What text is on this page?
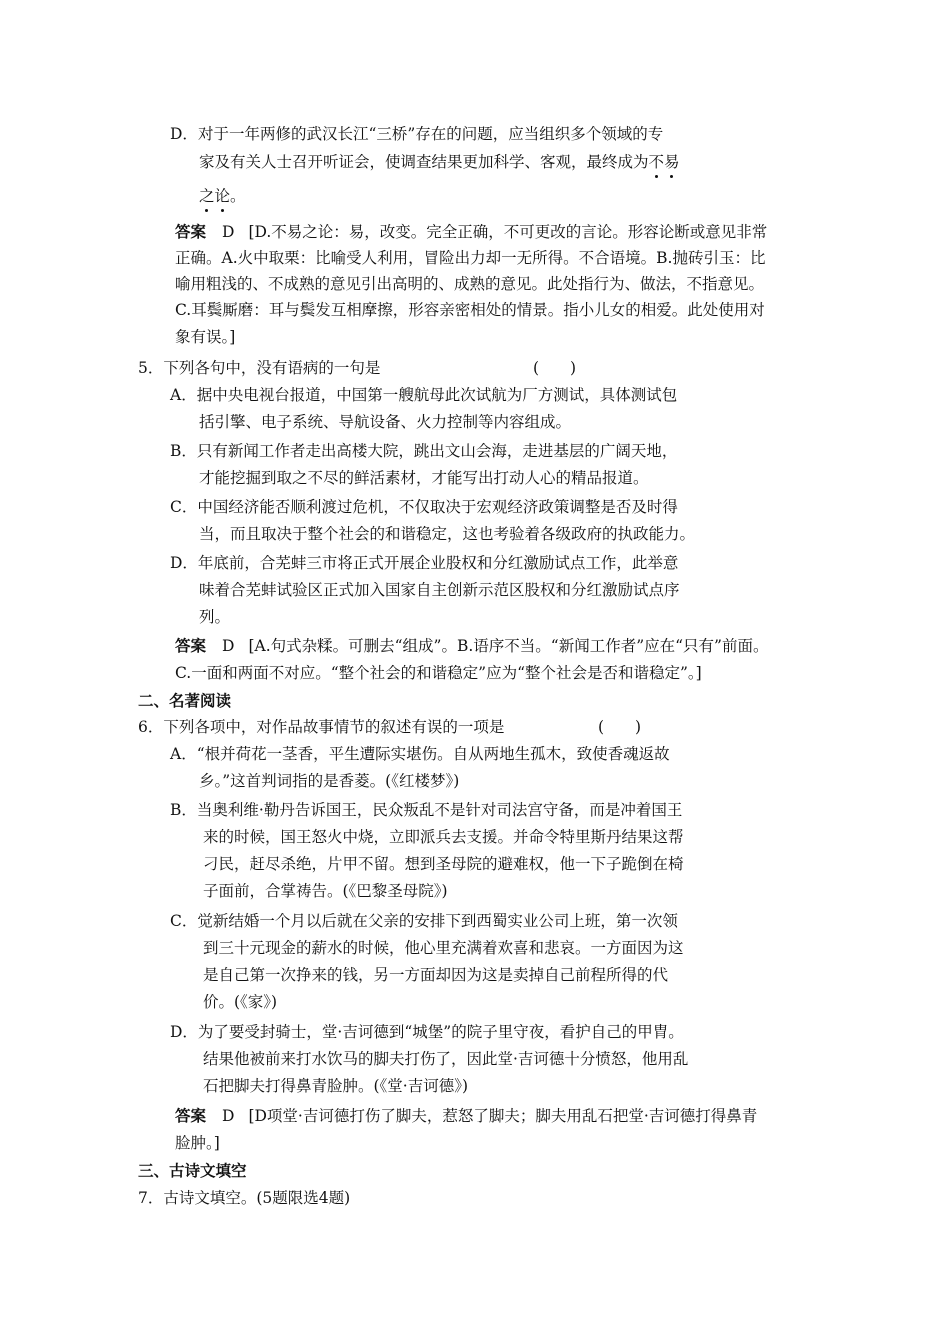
D．对于一年两修的武汉长江“三桥”存在的问题，应当组织多个领域的专
家及有关人士召开听证会，使调查结果更加科学、客观，最终成为不易
之论。
答案 D [D.不易之论：易，改变。完全正确，不可更改的言论。形容论断或意见非常
正确。A.火中取栗：比喻受人利用，冒险出力却一无所得。不合语境。B.抛砖引玉：比
喻用粗浅的、不成熟的意见引出高明的、成熟的意见。此处指行为、做法，不指意见。
C.耳鬓厮磨：耳与鬓发互相摩擦，形容亲密相处的情景。指小儿女的相爱。此处使用对
象有误。]
5．下列各句中，没有语病的一句是	(　　)
A．据中央电视台报道，中国第一艘航母此次试航为厂方测试，具体测试包
括引擎、电子系统、导航设备、火力控制等内容组成。
B．只有新闻工作者走出高楼大院，跳出文山会海，走进基层的广阔天地，
才能挖掘到取之不尽的鲜活素材，才能写出打动人心的精品报道。
C．中国经济能否顺利渡过危机，不仅取决于宏观经济政策调整是否及时得
当，而且取决于整个社会的和谐稳定，这也考验着各级政府的执政能力。
D．年底前，合芜蚌三市将正式开展企业股权和分红激励试点工作，此举意
味着合芜蚌试验区正式加入国家自主创新示范区股权和分红激励试点序
列。
答案 D [A.句式杂糅。可删去“组成”。B.语序不当。“新闻工作者”应在“只有”前面。
C.一面和两面不对应。“整个社会的和谐稳定”应为“整个社会是否和谐稳定”。]
二、名著阅读
6．下列各项中，对作品故事情节的叙述有误的一项是	(　　)
A．“根并荷花一茎香，平生遭际实堪伤。自从两地生孤木，致使香魂返故
乡。”这首判词指的是香菱。(《红楼梦》)
B．当奥利维·勒丹告诉国王，民众叛乱不是针对司法宫守备，而是冲着国王
来的时候，国王怒火中烧，立即派兵去支援。并命令特里斯丹结果这帮
刁民，赶尽杀绝，片甲不留。想到圣母院的避难权，他一下子跪倒在椅
子面前，合掌祷告。(《巴黎圣母院》)
C．觉新结婚一个月以后就在父亲的安排下到西蜀实业公司上班，第一次领
到三十元现金的薪水的时候，他心里充满着欢喜和悲哀。一方面因为这
是自己第一次挣来的钱，另一方面却因为这是卖掉自己前程所得的代
价。(《家》)
D．为了要受封骑士，堂·吉诃德到“城堡”的院子里守夜，看护自己的甲胄。
结果他被前来打水饮马的脚夫打伤了，因此堂·吉诃德十分愤怒，他用乱
石把脚夫打得鼻青脸肿。(《堂·吉诃德》)
答案 D [D项堂·吉诃德打伤了脚夫，惹怒了脚夫；脚夫用乱石把堂·吉诃德打得鼻青
脸肿。]
三、古诗文填空
7．古诗文填空。(5题限选4题)
